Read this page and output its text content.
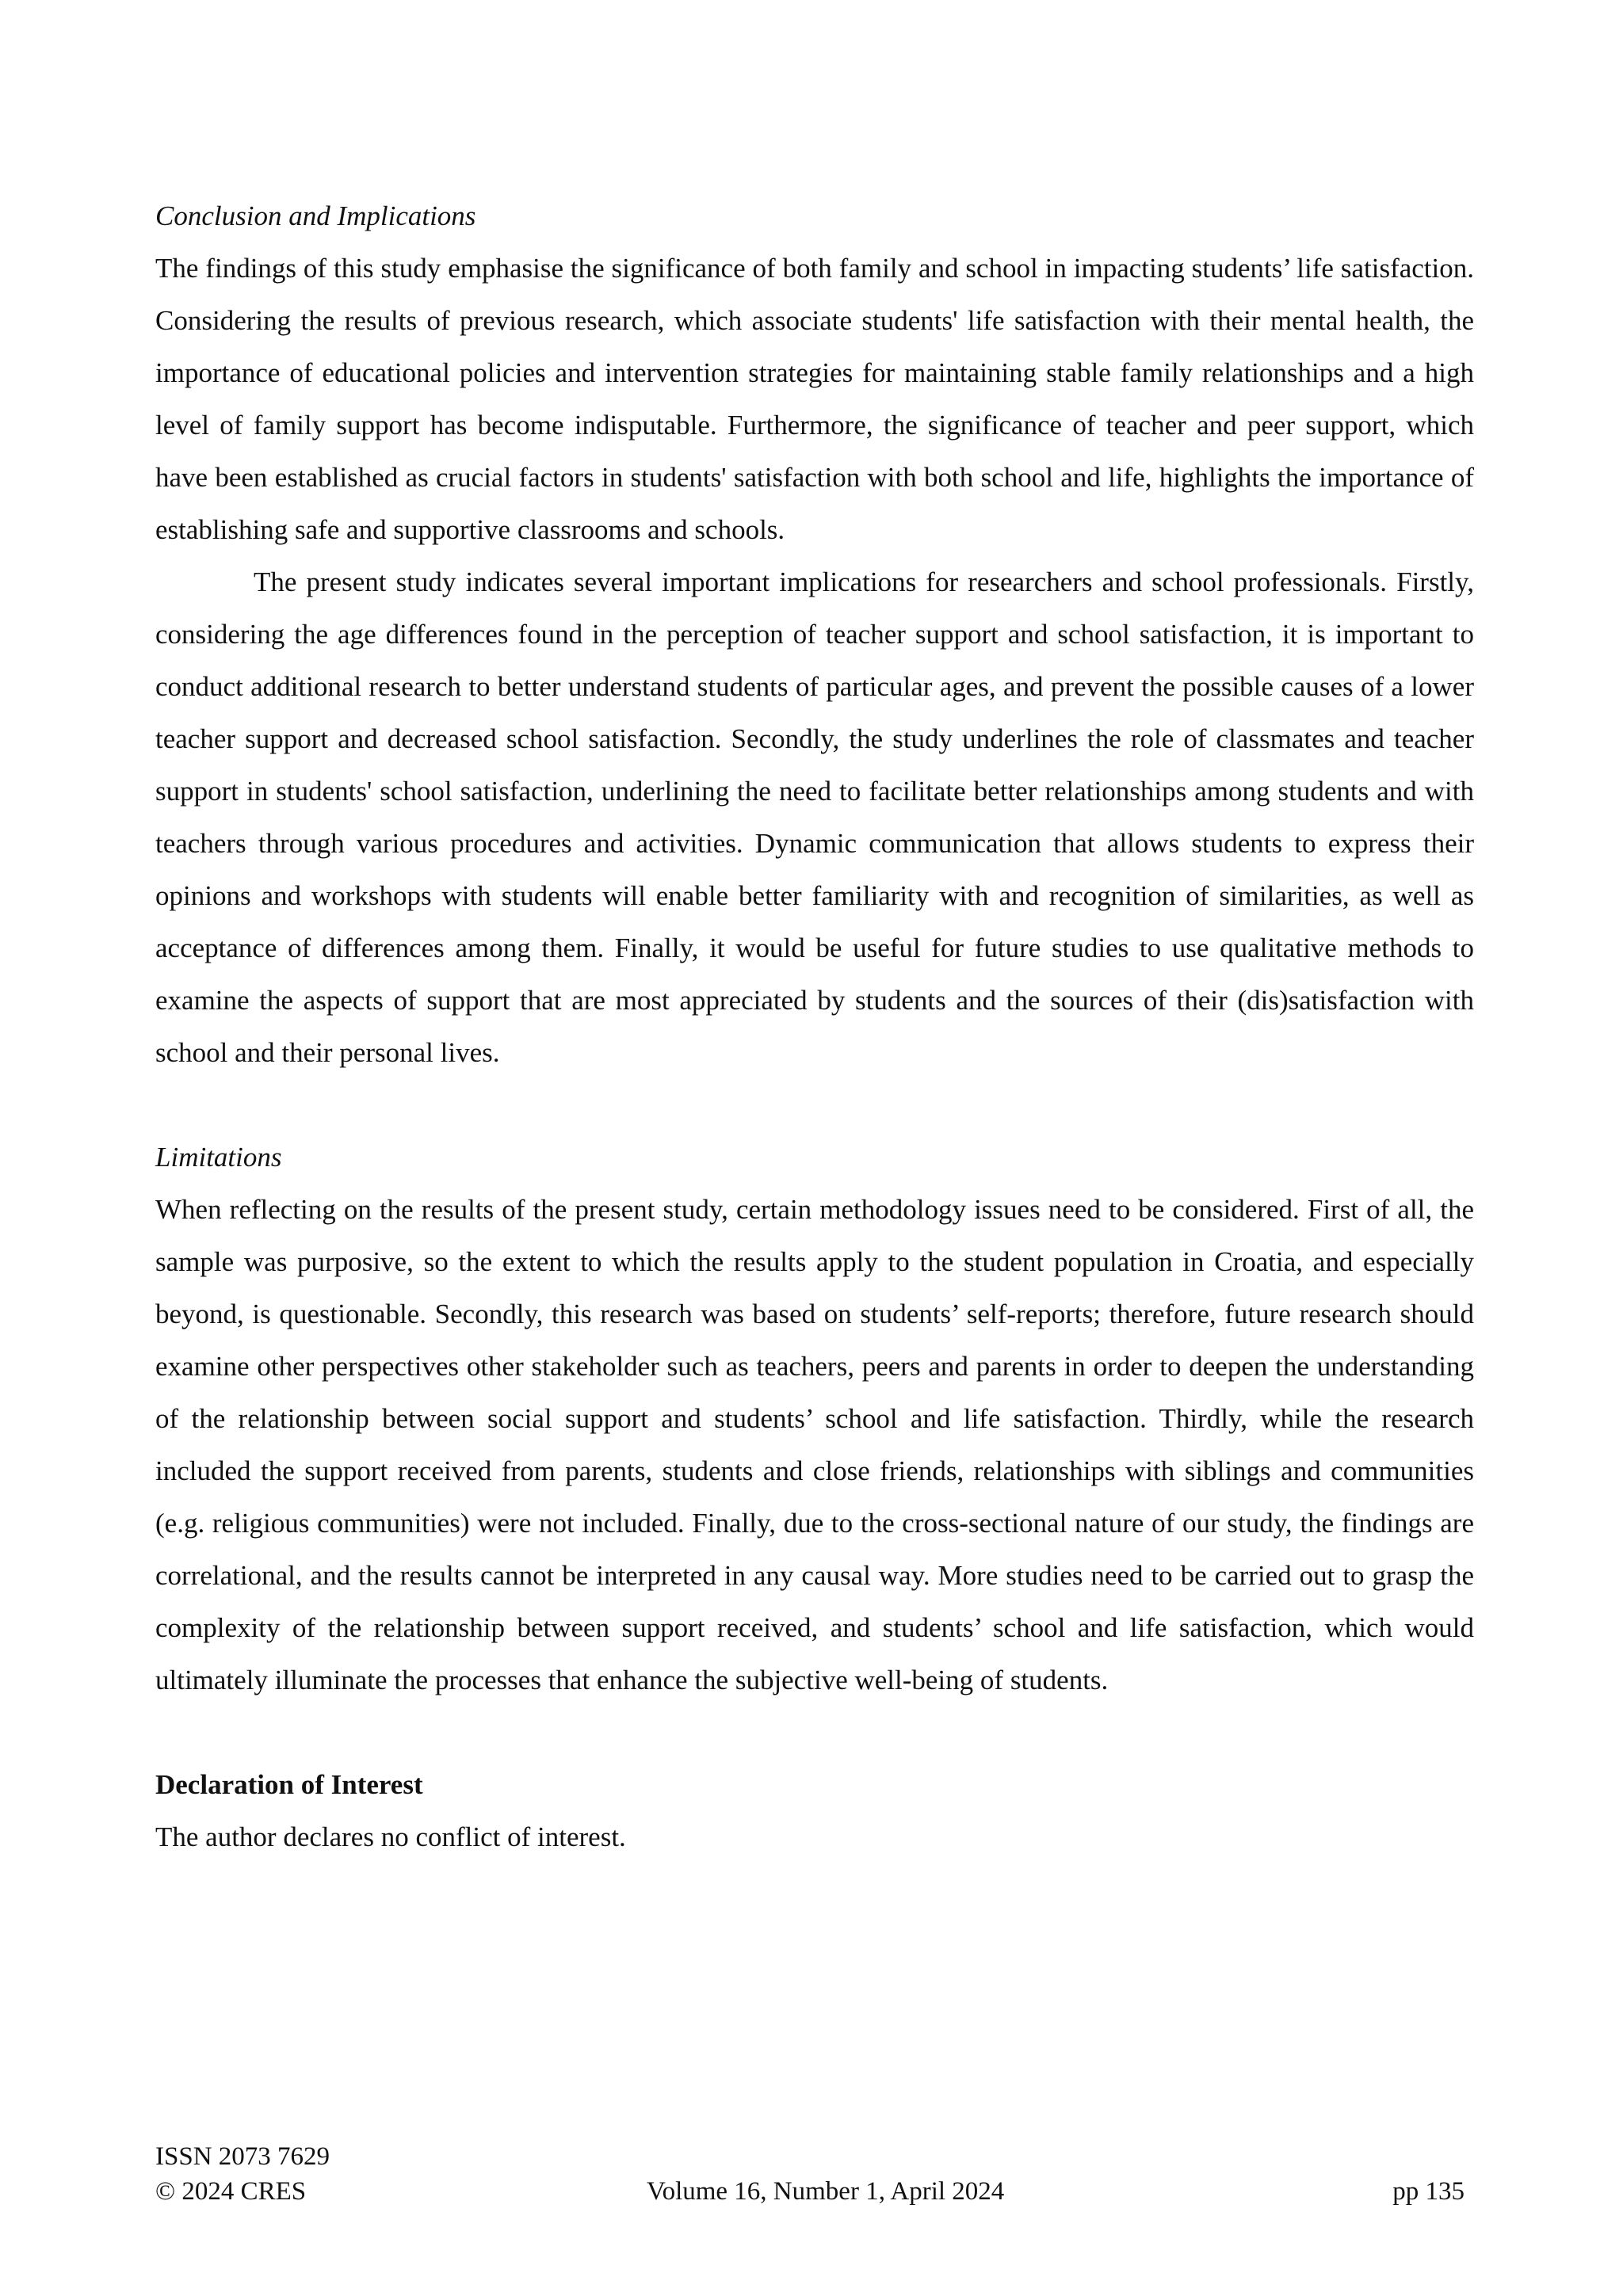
Conclusion and Implications

The findings of this study emphasise the significance of both family and school in impacting students’ life satisfaction. Considering the results of previous research, which associate students' life satisfaction with their mental health, the importance of educational policies and intervention strategies for maintaining stable family relationships and a high level of family support has become indisputable. Furthermore, the significance of teacher and peer support, which have been established as crucial factors in students' satisfaction with both school and life, highlights the importance of establishing safe and supportive classrooms and schools.

The present study indicates several important implications for researchers and school professionals. Firstly, considering the age differences found in the perception of teacher support and school satisfaction, it is important to conduct additional research to better understand students of particular ages, and prevent the possible causes of a lower teacher support and decreased school satisfaction. Secondly, the study underlines the role of classmates and teacher support in students' school satisfaction, underlining the need to facilitate better relationships among students and with teachers through various procedures and activities. Dynamic communication that allows students to express their opinions and workshops with students will enable better familiarity with and recognition of similarities, as well as acceptance of differences among them. Finally, it would be useful for future studies to use qualitative methods to examine the aspects of support that are most appreciated by students and the sources of their (dis)satisfaction with school and their personal lives.

Limitations

When reflecting on the results of the present study, certain methodology issues need to be considered. First of all, the sample was purposive, so the extent to which the results apply to the student population in Croatia, and especially beyond, is questionable. Secondly, this research was based on students’ self-reports; therefore, future research should examine other perspectives other stakeholder such as teachers, peers and parents in order to deepen the understanding of the relationship between social support and students’ school and life satisfaction. Thirdly, while the research included the support received from parents, students and close friends, relationships with siblings and communities (e.g. religious communities) were not included. Finally, due to the cross-sectional nature of our study, the findings are correlational, and the results cannot be interpreted in any causal way. More studies need to be carried out to grasp the complexity of the relationship between support received, and students’ school and life satisfaction, which would ultimately illuminate the processes that enhance the subjective well-being of students.

Declaration of Interest

The author declares no conflict of interest.

ISSN 2073 7629
© 2024 CRES	Volume 16, Number 1, April 2024	pp 135
